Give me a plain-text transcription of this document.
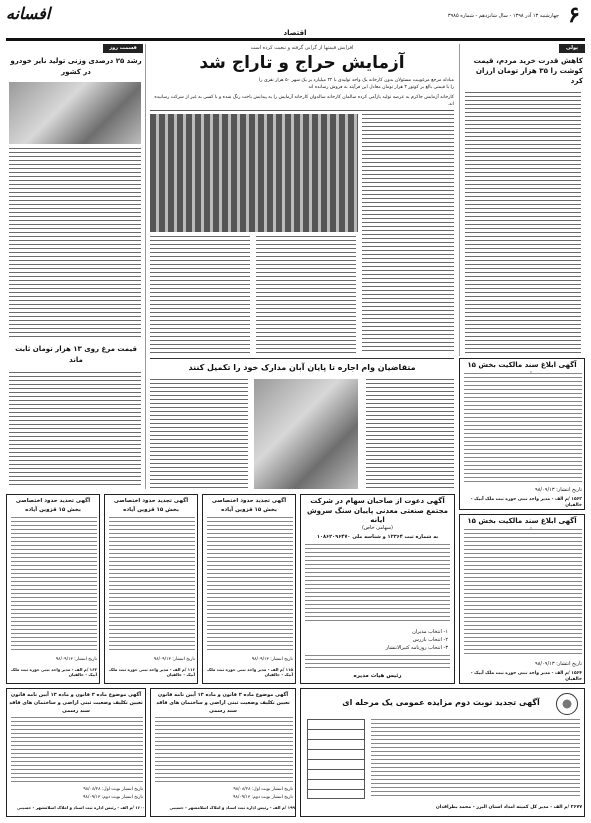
۶
چهارشنبه ۱۳ آذر ۱۳۹۸ - سال شانزدهم - شماره ۳۹۸۵
اقتصاد
افسانه
پولی
کاهش قدرت خرید مردم، قیمت کوشت را ۳۵ هزار تومان ارزان کرد
افزایش قیمتها از گرانی گرفته و تبعیت کرده است
آزمایش حراج و تاراج شد
مبادله مرجع مرغوبیت مسئولان بدون کارخانه یک واحد تولیدی با ۲۲ میلیارد بر یک شهر ۵۰ هزار نفری را
را با قیمتی بالغ بر کوتور ۳ هزار تومان معادل این فرآیند به فروش رسانده اند
کارخانه آزمایش جاکرم به عرصه تولید بازآمی کرده سالمان کارخانه سالدوان کارخانه آزمایش را به پیدایش باخت رنگ شده و با کسی به غیر از شرکت رسانیده اند.
قسمت روز
رشد ۲۵ درصدی وزنی تولید نایر خودرو در کشور
قیمت مرغ روی ۱۳ هزار تومان ثابت ماند
متقاضیان وام اجاره تا پایان آبان مدارک خود را تکمیل کنند	آگهی ابلاغ سند مالکیت بخش ۱۵
تاریخ انتشار: ۹۸/۰۹/۱۳
۱۵۶۲ /م الف - مدیر واحد ثبتی حوزه ثبت ملک آبیک - خالقیان
آگهی ابلاغ سند مالکیت بخش ۱۵
تاریخ انتشار: ۹۸/۰۹/۱۳
۱۵۶۴ /م الف - مدیر واحد ثبتی حوزه ثبت ملک آبیک - خالقیان
آگهی دعوت از صاحبان سهام در شرکت مجتمع صنعتی معدنی پاییان سنگ سروش ایانه
(سهامی خاص)
به شماره ثبت ۱۲۳۶۴ و شناسه ملی ۱۰۸۶۲۰۹۶۴۷۰
۱- انتخاب مدیران
۲- انتخاب بازرس
۳- انتخاب روزنامه کثیرالانتشار
رئیس هیات مدیره
آگهی تحدید حدود اختصاصی بخش ۱۵ قزوین آیاده
تاریخ انتشار: ۹۸/۰۹/۱۳
۱۶۳ /م الف - مدیر واحد ثبتی حوزه ثبت ملک آبیک - خالقیان
آگهی تجدید حدود اختصاصی بخش ۱۵ قزوین آیاده
تاریخ انتشار: ۹۸/۰۹/۱۳
۱۱۶ /م الف - مدیر واحد ثبتی حوزه ثبت ملک آبیک - خالقیان
آگهی تجدید حدود اختصاصی بخش ۱۵ قزوین آیاده
تاریخ انتشار: ۹۸/۰۹/۱۳
۱۱۵ /م الف - مدیر واحد ثبتی حوزه ثبت ملک آبیک - خالقیان
آگهی موضوع ماده ۳ قانون و ماده ۱۳ آیین نامه قانون تعیین تکلیف وضعیت ثبتی اراضی و ساختمان های فاقد سند رسمی
تاریخ انتشار نوبت اول: ۹۸/۰۸/۲۸
تاریخ انتشار نوبت دوم: ۹۸/۰۹/۱۳
۱۶۰۰ /م الف - رئیس اداره ثبت اسناد و املاک اسلامشهر - حسینی
آگهی موضوع ماده ۳ قانون و ماده ۱۳ آیین نامه قانون تعیین تکلیف وضعیت ثبتی اراضی و ساختمان های فاقد سند رسمی
تاریخ انتشار نوبت اول: ۹۸/۰۸/۲۸
تاریخ انتشار نوبت دوم: ۹۸/۰۹/۱۳
۱۹۹ /م الف - رئیس اداره ثبت اسناد و املاک اسلامشهر - حسینی
آگهی تجدید نوبت دوم مزایده عمومی یک مرحله ای
۲۶۷۷ /م الف - مدیر کل کمیته امداد استان البرز - محمد بطراقدان
